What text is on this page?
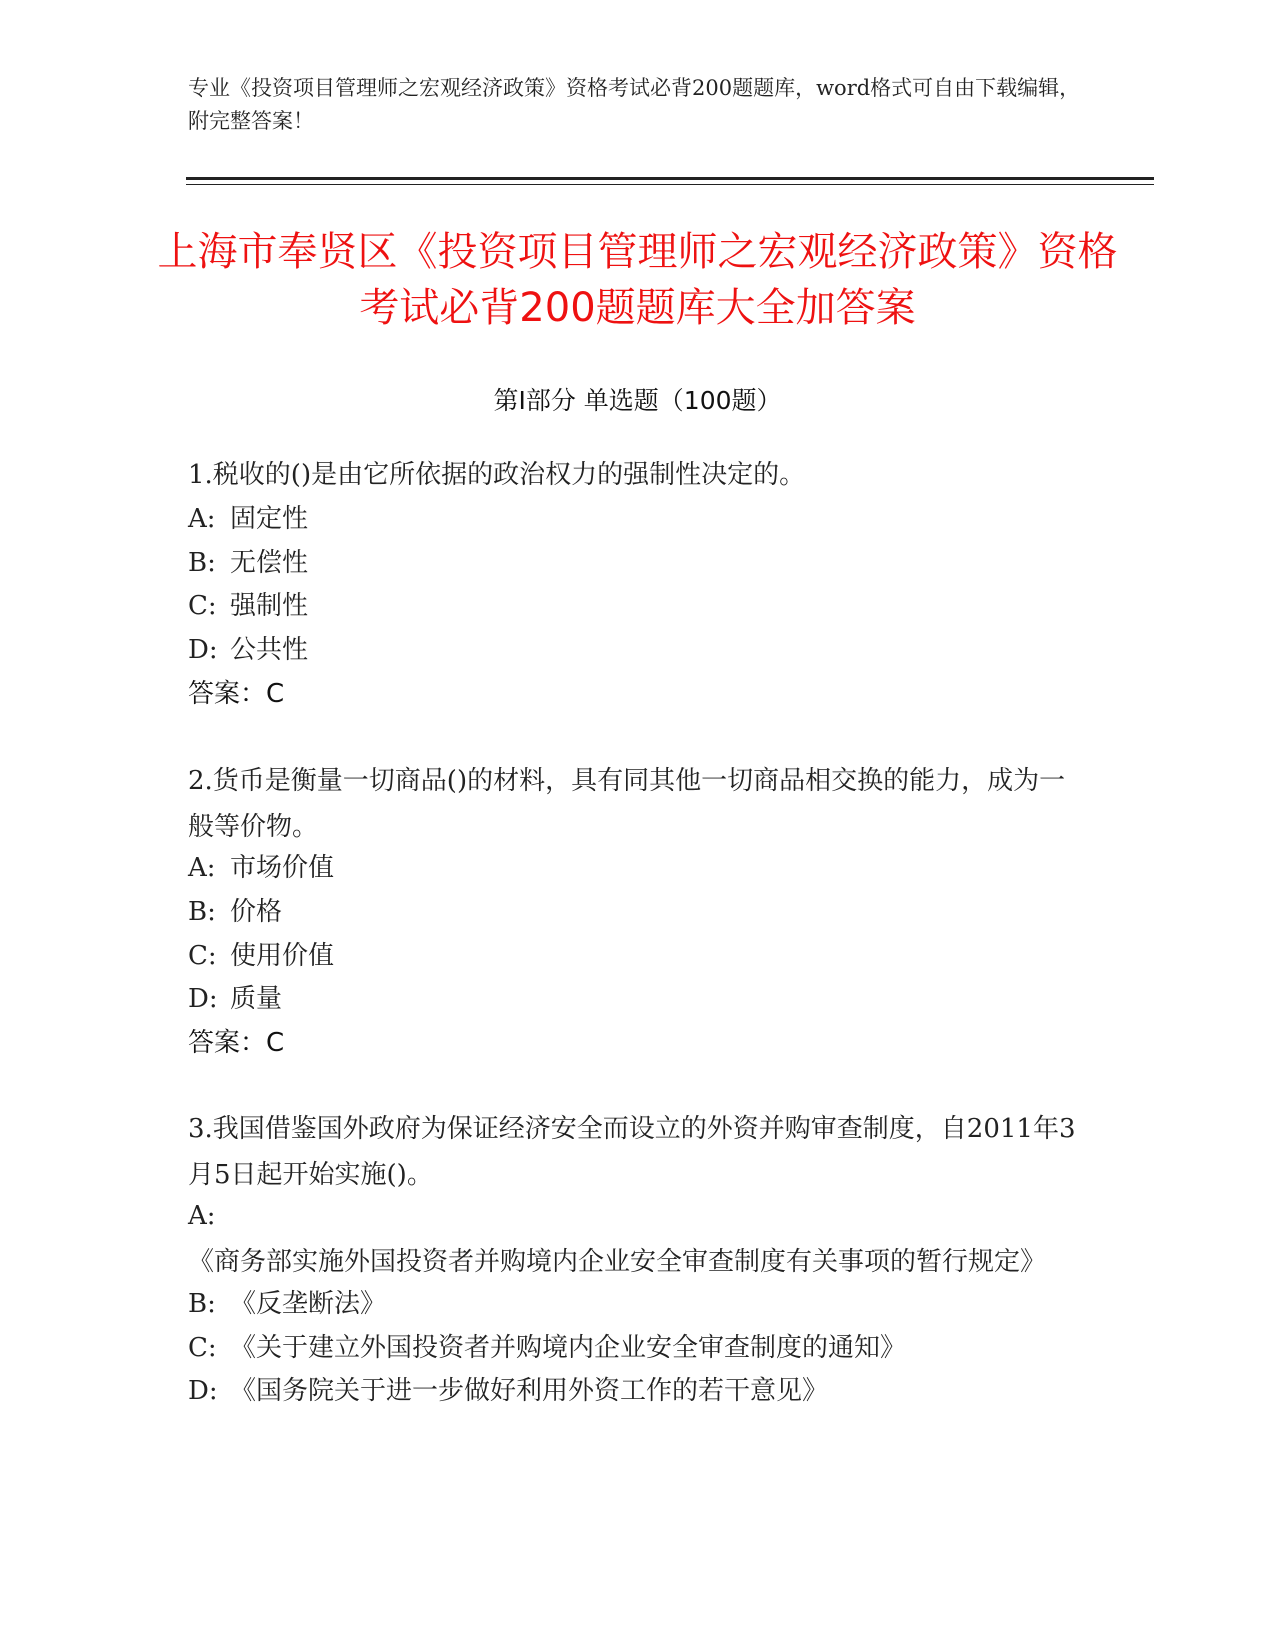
专业《投资项目管理师之宏观经济政策》资格考试必背200题题库，word格式可自由下载编辑，附完整答案！
上海市奉贤区《投资项目管理师之宏观经济政策》资格考试必背200题题库大全加答案
第Ⅰ部分 单选题（100题）
1.税收的()是由它所依据的政治权力的强制性决定的。
A: 固定性
B: 无偿性
C: 强制性
D: 公共性
答案：C
2.货币是衡量一切商品()的材料，具有同其他一切商品相交换的能力，成为一般等价物。
A: 市场价值
B: 价格
C: 使用价值
D: 质量
答案：C
3.我国借鉴国外政府为保证经济安全而设立的外资并购审查制度，自2011年3月5日起开始实施()。
A:《商务部实施外国投资者并购境内企业安全审查制度有关事项的暂行规定》
B: 《反垄断法》
C: 《关于建立外国投资者并购境内企业安全审查制度的通知》
D: 《国务院关于进一步做好利用外资工作的若干意见》
